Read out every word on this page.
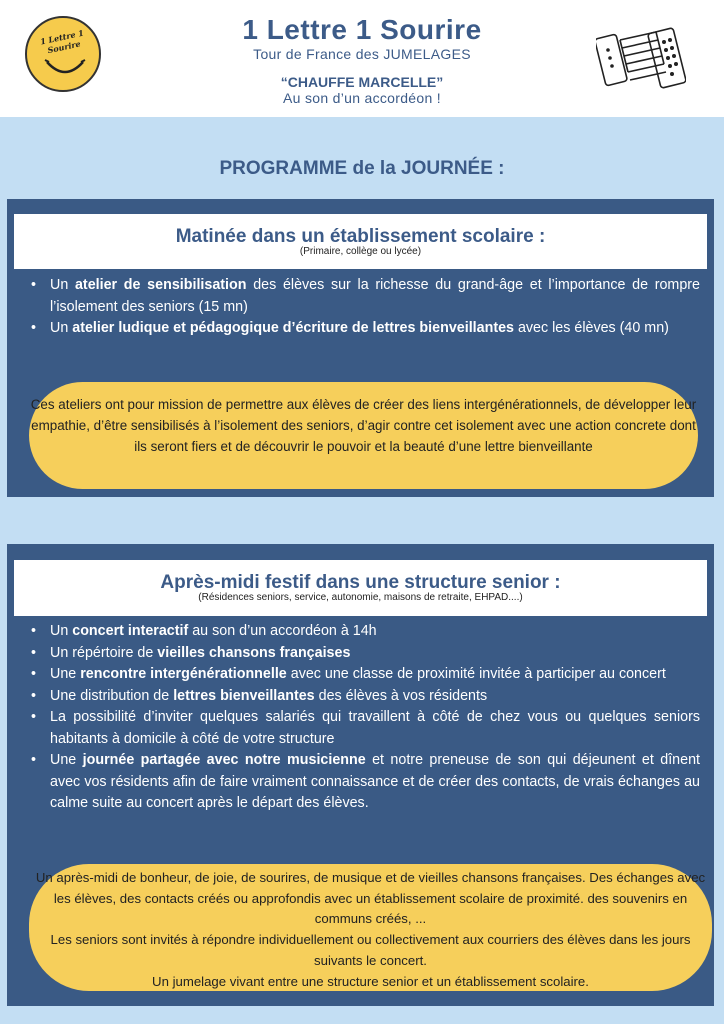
1 Lettre 1 Sourire
1 Lettre 1 Sourire
Tour de France des JUMELAGES
“CHAUFFE MARCELLE”
Au son d’un accordéon !
PROGRAMME de la JOURNÉE :
Matinée dans un établissement scolaire :
(Primaire, collège ou lycée)
• Un atelier de sensibilisation des élèves sur la richesse du grand-âge et l’importance de rompre l’isolement des seniors (15 mn)
• Un atelier ludique et pédagogique d’écriture de lettres bienveillantes avec les élèves (40 mn)

Ces ateliers ont pour mission de permettre aux élèves de créer des liens intergénérationnels, de développer leur empathie, d’être sensibilisés à l’isolement des seniors, d’agir contre cet isolement avec une action concrete dont ils seront fiers et de découvrir le pouvoir et la beauté d’une lettre bienveillante

Après-midi festif dans une structure senior :
(Résidences seniors, service, autonomie, maisons de retraite, EHPAD....)
• Un concert interactif au son d’un accordéon à 14h
• Un répértoire de vieilles chansons françaises
• Une rencontre intergénérationnelle avec une classe de proximité invitée à participer au concert
• Une distribution de lettres bienveillantes des élèves à vos résidents
• La possibilité d’inviter quelques salariés qui travaillent à côté de chez vous ou quelques seniors habitants à domicile à côté de votre structure
• Une journée partagée avec notre musicienne et notre preneuse de son qui déjeunent et dînent avec vos résidents afin de faire vraiment connaissance et de créer des contacts, de vrais échanges au calme suite au concert après le départ des élèves.

Un après-midi de bonheur, de joie, de sourires, de musique et de vieilles chansons françaises. Des échanges avec les élèves, des contacts créés ou approfondis avec un établissement scolaire de proximité. des souvenirs en communs créés, ...

Les seniors sont invités à répondre individuellement ou collectivement aux courriers des élèves dans les jours suivants le concert.

Un jumelage vivant entre une structure senior et un établissement scolaire.
